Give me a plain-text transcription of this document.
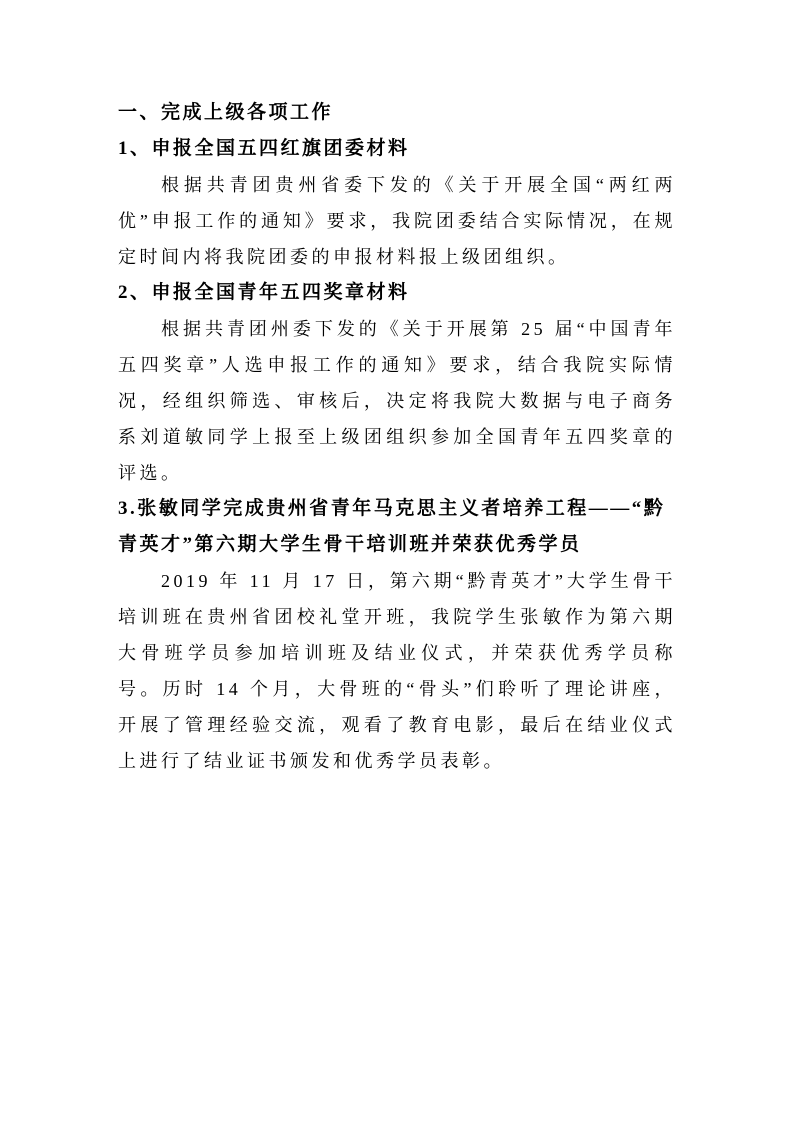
一、完成上级各项工作
1、申报全国五四红旗团委材料
根据共青团贵州省委下发的《关于开展全国“两红两优”申报工作的通知》要求，我院团委结合实际情况，在规定时间内将我院团委的申报材料报上级团组织。
2、申报全国青年五四奖章材料
根据共青团州委下发的《关于开展第 25 届“中国青年五四奖章”人选申报工作的通知》要求，结合我院实际情况，经组织筛选、审核后，决定将我院大数据与电子商务系刘道敏同学上报至上级团组织参加全国青年五四奖章的评选。
3.张敏同学完成贵州省青年马克思主义者培养工程——“黔青英才”第六期大学生骨干培训班并荣获优秀学员
2019 年 11 月 17 日，第六期“黔青英才”大学生骨干培训班在贵州省团校礼堂开班，我院学生张敏作为第六期大骨班学员参加培训班及结业仪式，并荣获优秀学员称号。历时 14 个月，大骨班的“骨头”们聆听了理论讲座，开展了管理经验交流，观看了教育电影，最后在结业仪式上进行了结业证书颁发和优秀学员表彰。
